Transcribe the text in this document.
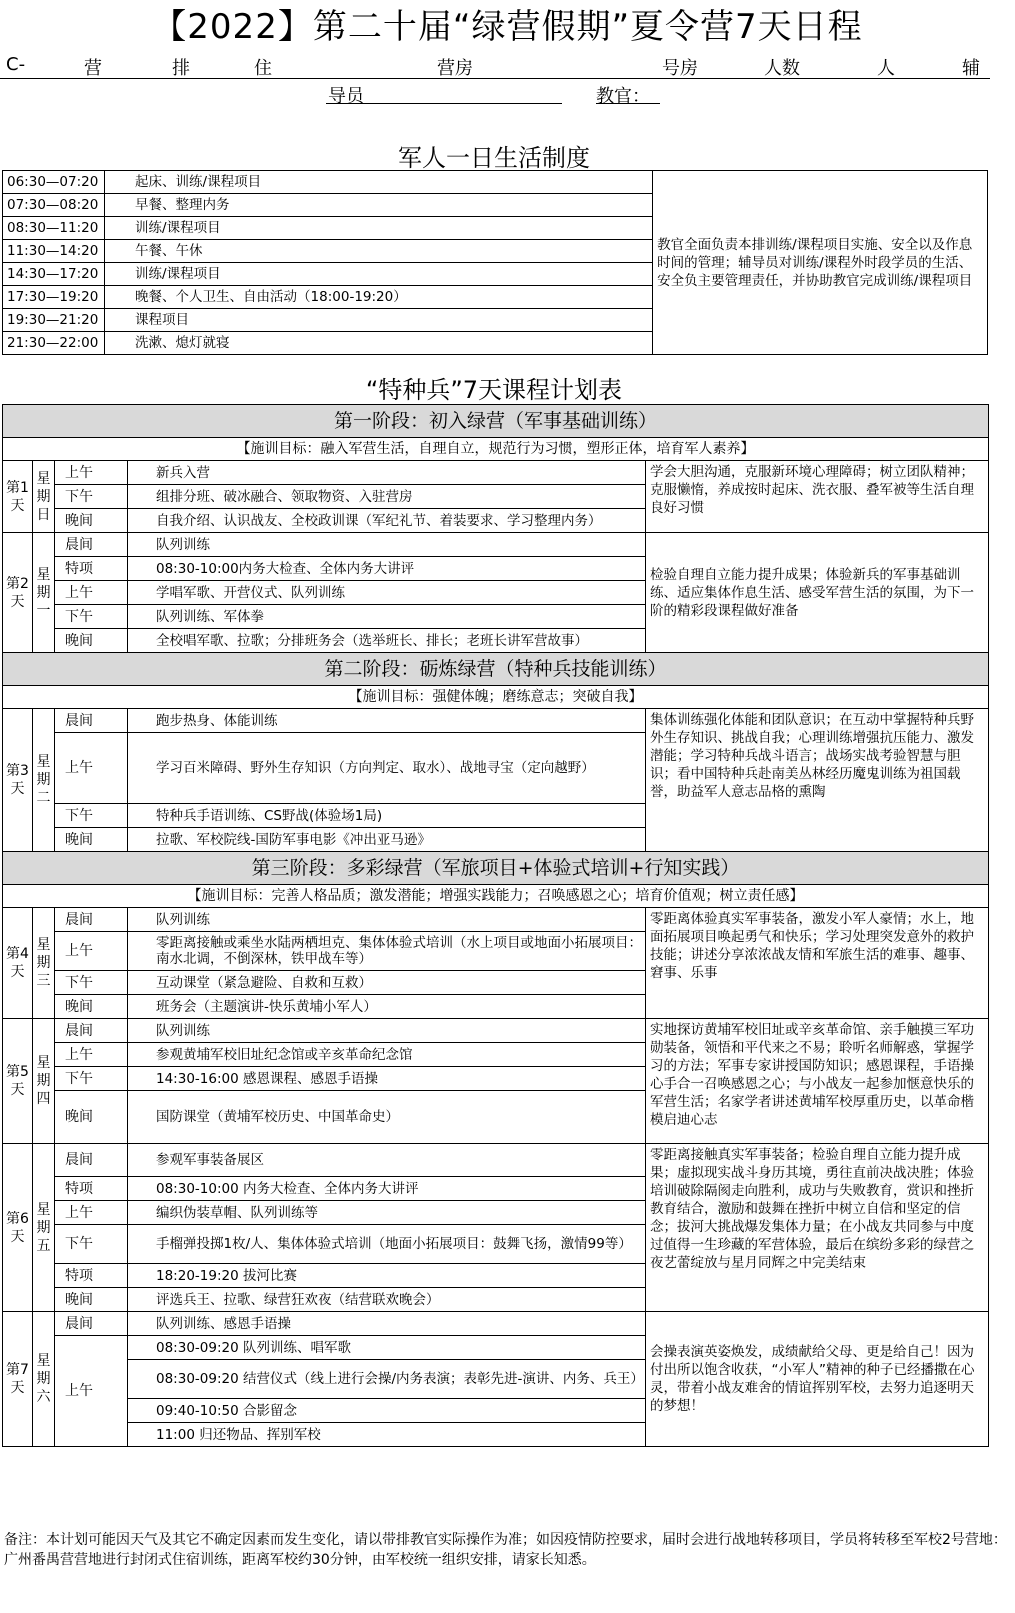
【2022】第二十届“绿营假期”夏令营7天日程
C-	营	排	住	营房	号房	人数	人	辅
导员	教官：
军人一日生活制度
06:30—07:20	起床、训练/课程项目	教官全面负责本排训练/课程项目实施、安全以及作息时间的管理；辅导员对训练/课程外时段学员的生活、安全负主要管理责任，并协助教官完成训练/课程项目
07:30—08:20	早餐、整理内务	
08:30—11:20	训练/课程项目	
11:30—14:20	午餐、午休	
14:30—17:20	训练/课程项目	
17:30—19:20	晚餐、个人卫生、自由活动（18:00-19:20）	
19:30—21:20	课程项目	
21:30—22:00	洗漱、熄灯就寝	
“特种兵”7天课程计划表
第一阶段：初入绿营（军事基础训练）				
【施训目标：融入军营生活，自理自立，规范行为习惯，塑形正体，培育军人素养】				
第1天	星期日	上午	新兵入营	学会大胆沟通，克服新环境心理障碍；树立团队精神；克服懒惰，养成按时起床、洗衣服、叠军被等生活自理良好习惯
		下午	组排分班、破冰融合、领取物资、入驻营房	
		晚间	自我介绍、认识战友、全校政训课（军纪礼节、着装要求、学习整理内务）	
第2天	星期一	晨间	队列训练	检验自理自立能力提升成果；体验新兵的军事基础训练、适应集体作息生活、感受军营生活的氛围，为下一阶的精彩段课程做好准备
		特项	08:30-10:00内务大检查、全体内务大讲评	
		上午	学唱军歌、开营仪式、队列训练	
		下午	队列训练、军体拳	
		晚间	全校唱军歌、拉歌；分排班务会（选举班长、排长；老班长讲军营故事）	
第二阶段：砺炼绿营（特种兵技能训练）				
【施训目标：强健体魄；磨练意志；突破自我】				
第3天	星期二	晨间	跑步热身、体能训练	集体训练强化体能和团队意识；在互动中掌握特种兵野外生存知识、挑战自我；心理训练增强抗压能力、激发潜能；学习特种兵战斗语言；战场实战考验智慧与胆识；看中国特种兵赴南美丛林经历魔鬼训练为祖国载誉，助益军人意志品格的熏陶
		上午	学习百米障碍、野外生存知识（方向判定、取水）、战地寻宝（定向越野）	
		下午	特种兵手语训练、CS野战(体验场1局)	
		晚间	拉歌、军校院线-国防军事电影《冲出亚马逊》	
第三阶段：多彩绿营（军旅项目+体验式培训+行知实践）				
【施训目标：完善人格品质；激发潜能；增强实践能力；召唤感恩之心；培育价值观；树立责任感】				
第4天	星期三	晨间	队列训练	零距离体验真实军事装备，激发小军人豪情；水上，地面拓展项目唤起勇气和快乐；学习处理突发意外的救护技能；讲述分享浓浓战友情和军旅生活的难事、趣事、窘事、乐事
		上午	零距离接触或乘坐水陆两栖坦克、集体体验式培训（水上项目或地面小拓展项目：南水北调，不倒深林，铁甲战车等）	
		下午	互动课堂（紧急避险、自救和互救）	
		晚间	班务会（主题演讲-快乐黄埔小军人）	
第5天	星期四	晨间	队列训练	实地探访黄埔军校旧址或辛亥革命馆、亲手触摸三军功勋装备，领悟和平代来之不易；聆听名师解惑，掌握学习的方法；军事专家讲授国防知识；感恩课程，手语操心手合一召唤感恩之心；与小战友一起参加惬意快乐的军营生活；名家学者讲述黄埔军校厚重历史，以革命楷模启迪心志
		上午	参观黄埔军校旧址纪念馆或辛亥革命纪念馆	
		下午	14:30-16:00 感恩课程、感恩手语操	
		晚间	国防课堂（黄埔军校历史、中国革命史）	
第6天	星期五	晨间	参观军事装备展区	零距离接触真实军事装备；检验自理自立能力提升成果；虚拟现实战斗身历其境，勇往直前决战决胜；体验培训破除隔阂走向胜利，成功与失败教育，赏识和挫折教育结合，激励和鼓舞在挫折中树立自信和坚定的信念；拔河大挑战爆发集体力量；在小战友共同参与中度过值得一生珍藏的军营体验，最后在缤纷多彩的绿营之夜艺蕾绽放与星月同辉之中完美结束
		特项	08:30-10:00 内务大检查、全体内务大讲评	
		上午	编织伪装草帽、队列训练等	
		下午	手榴弹投掷1枚/人、集体体验式培训（地面小拓展项目：鼓舞飞扬，激情99等）	
		特项	18:20-19:20 拔河比赛	
		晚间	评选兵王、拉歌、绿营狂欢夜（结营联欢晚会）	
第7天	星期六	晨间	队列训练、感恩手语操	会操表演英姿焕发，成绩献给父母、更是给自己！因为付出所以饱含收获，“小军人”精神的种子已经播撒在心灵，带着小战友难舍的情谊挥别军校，去努力追逐明天的梦想！
		上午	08:30-09:20 队列训练、唱军歌	
			08:30-09:20 结营仪式（线上进行会操/内务表演；表彰先进-演讲、内务、兵王）	
			09:40-10:50 合影留念	
			11:00 归还物品、挥别军校	
备注：本计划可能因天气及其它不确定因素而发生变化，请以带排教官实际操作为准；如因疫情防控要求，届时会进行战地转移项目，学员将转移至军校2号营地：广州番禺营营地进行封闭式住宿训练，距离军校约30分钟，由军校统一组织安排，请家长知悉。
